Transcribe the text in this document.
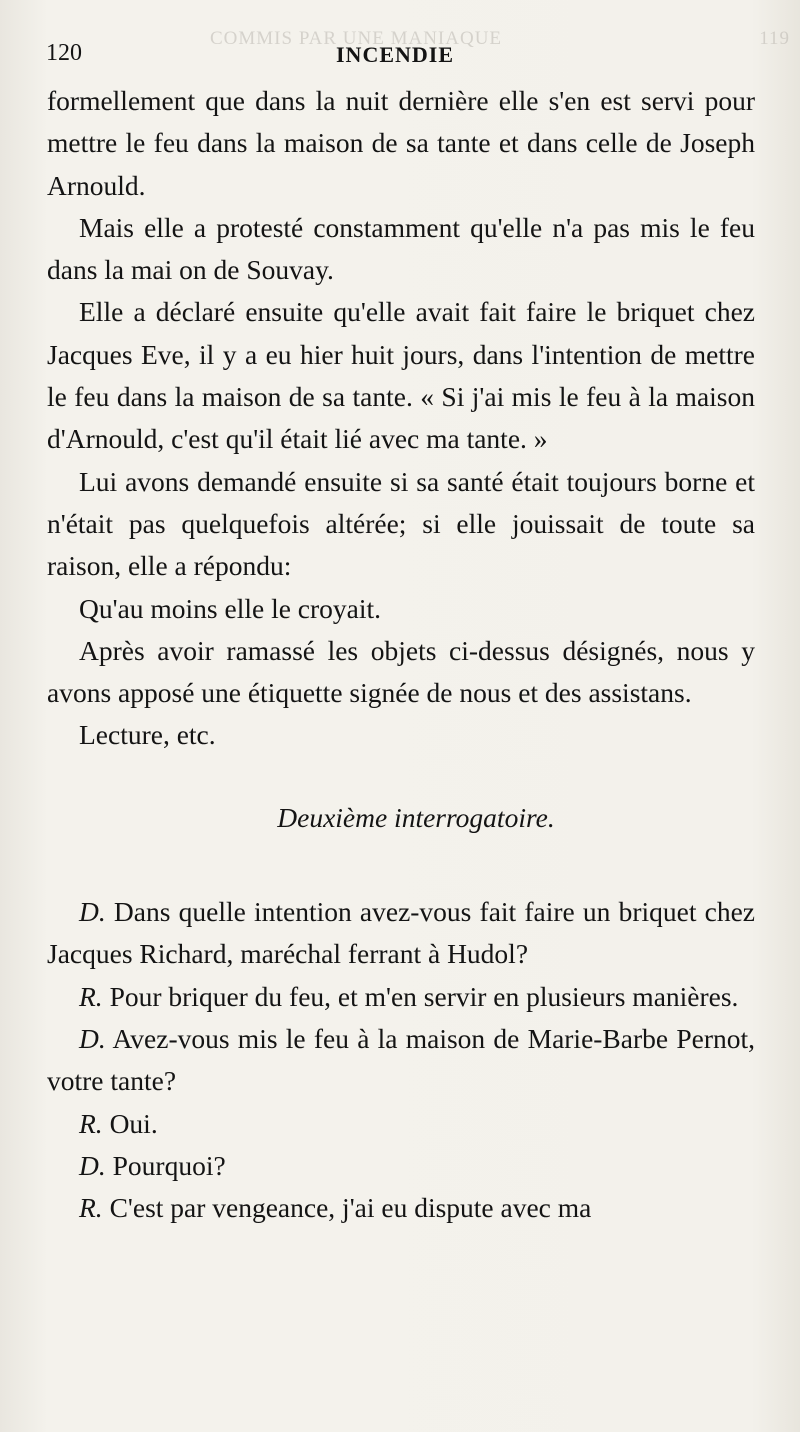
COMMIS PAR UNE MANIAQUE	119
120	INCENDIE

formellement que dans la nuit dernière elle s'en est servi pour mettre le feu dans la maison de sa tante et dans celle de Joseph Arnould.

Mais elle a protesté constamment qu'elle n'a pas mis le feu dans la mai on de Souvay.

Elle a déclaré ensuite qu'elle avait fait faire le briquet chez Jacques Eve, il y a eu hier huit jours, dans l'intention de mettre le feu dans la maison de sa tante. « Si j'ai mis le feu à la maison d'Arnould, c'est qu'il était lié avec ma tante. »

Lui avons demandé ensuite si sa santé était toujours borne et n'était pas quelquefois altérée; si elle jouissait de toute sa raison, elle a répondu:

Qu'au moins elle le croyait.

Après avoir ramassé les objets ci-dessus désignés, nous y avons apposé une étiquette signée de nous et des assistans.

Lecture, etc.

Deuxième interrogatoire.

D. Dans quelle intention avez-vous fait faire un briquet chez Jacques Richard, maréchal ferrant à Hudol?

R. Pour briquer du feu, et m'en servir en plusieurs manières.

D. Avez-vous mis le feu à la maison de Marie-Barbe Pernot, votre tante?

R. Oui.

D. Pourquoi?

R. C'est par vengeance, j'ai eu dispute avec ma
